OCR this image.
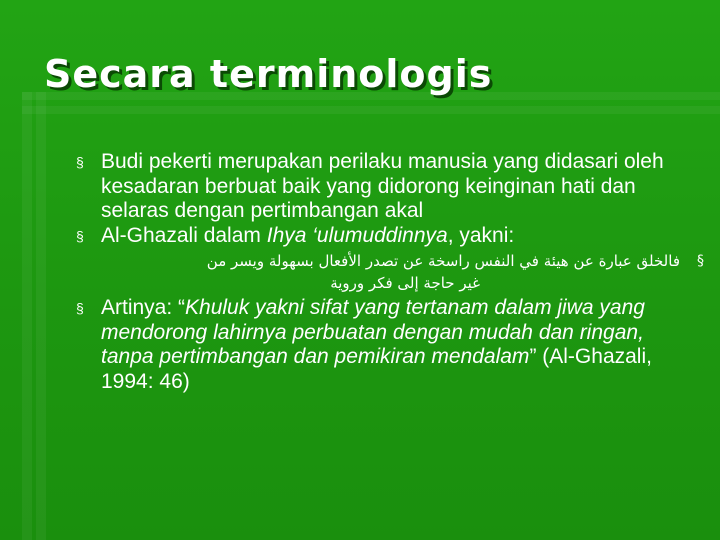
Secara terminologis
§ Budi pekerti merupakan perilaku manusia yang didasari oleh kesadaran berbuat baik yang didorong keinginan hati dan selaras dengan pertimbangan akal
§ Al-Ghazali dalam Ihya ‘ulumuddinnya, yakni:
§
فالخلق عبارة عن هيئة في النفس راسخة عن تصدر الأفعال بسهولة ويسر من
غير حاجة إلى فكر وروية
§ Artinya: “Khuluk yakni sifat yang tertanam dalam jiwa yang mendorong lahirnya perbuatan dengan mudah dan ringan, tanpa pertimbangan dan pemikiran mendalam” (Al-Ghazali, 1994: 46)
